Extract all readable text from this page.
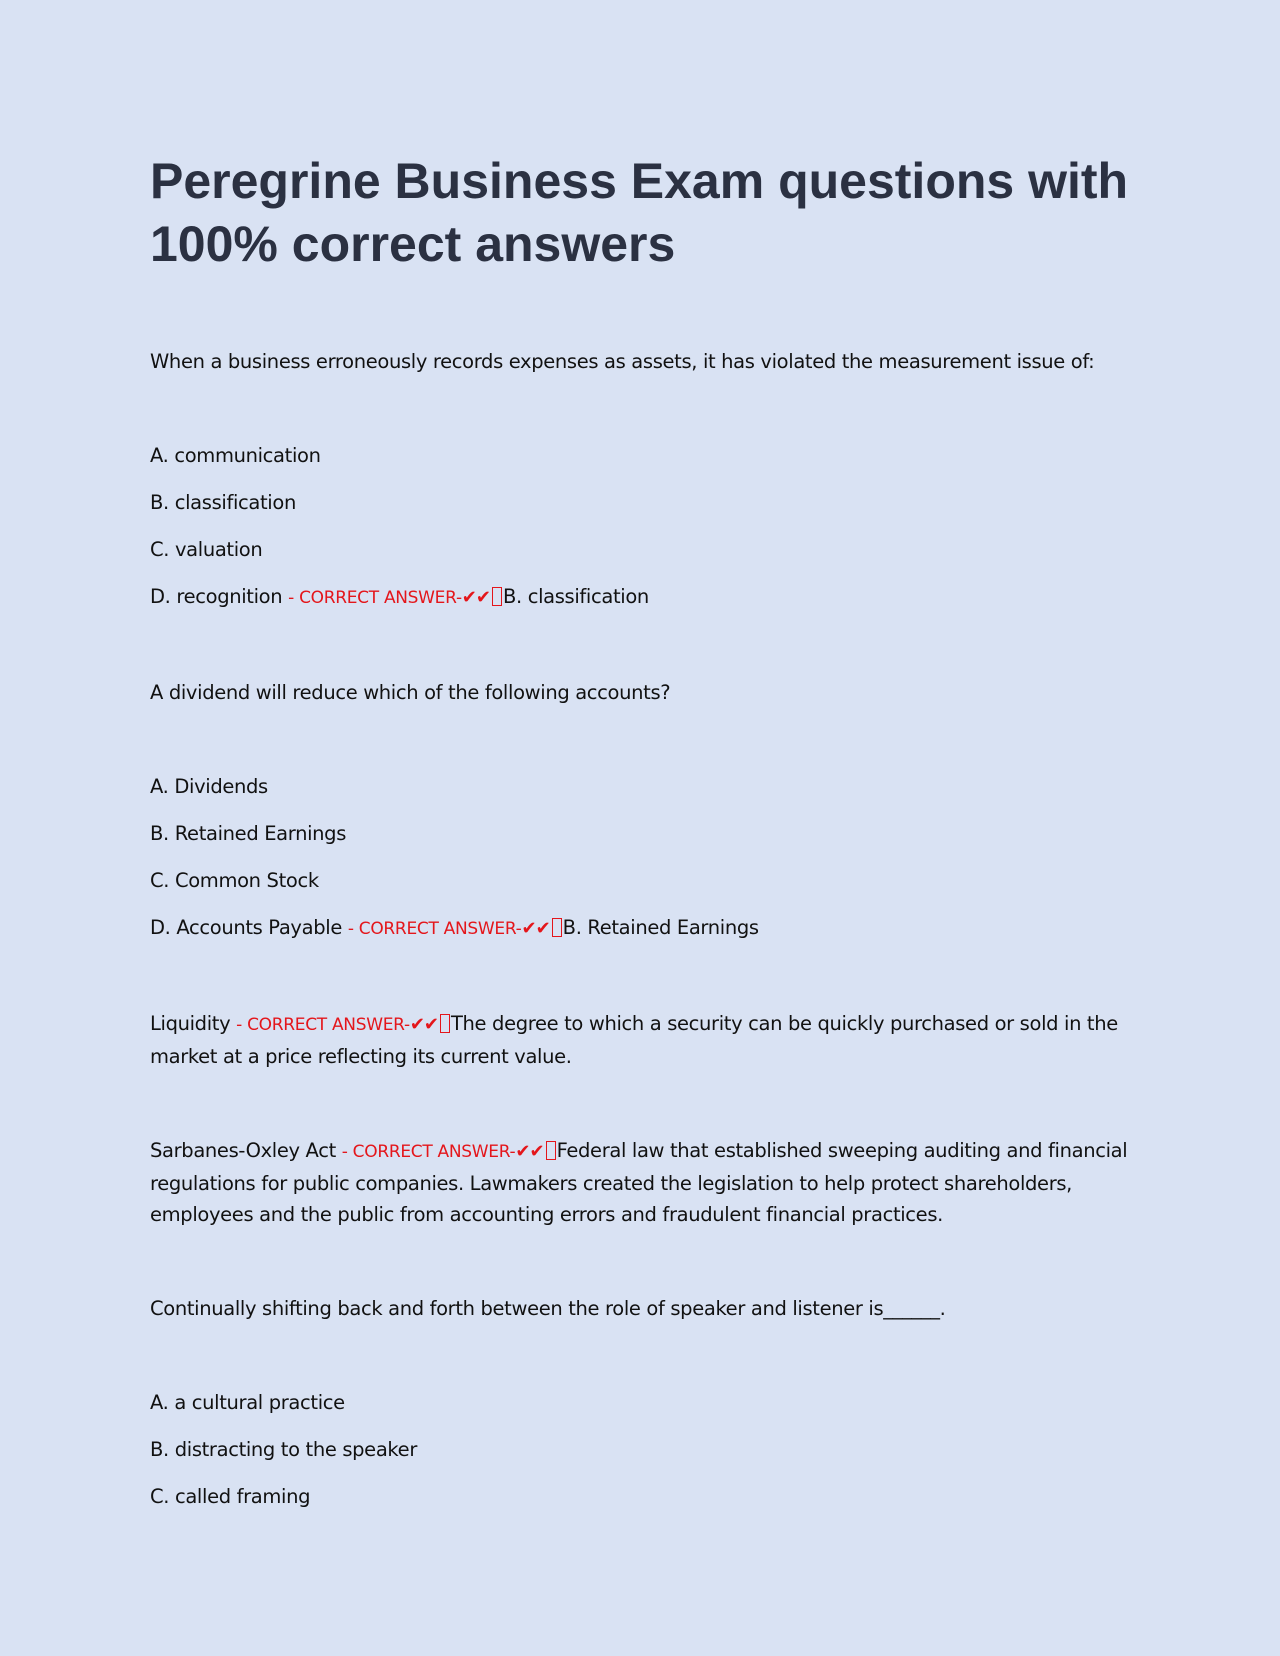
Peregrine Business Exam questions with 100% correct answers

When a business erroneously records expenses as assets, it has violated the measurement issue of:

A. communication

B. classification

C. valuation

D. recognition - CORRECT ANSWER-✔✔ B. classification

A dividend will reduce which of the following accounts?

A. Dividends

B. Retained Earnings

C. Common Stock

D. Accounts Payable - CORRECT ANSWER-✔✔ B. Retained Earnings

Liquidity - CORRECT ANSWER-✔✔ The degree to which a security can be quickly purchased or sold in the market at a price reflecting its current value.

Sarbanes-Oxley Act - CORRECT ANSWER-✔✔ Federal law that established sweeping auditing and financial regulations for public companies. Lawmakers created the legislation to help protect shareholders, employees and the public from accounting errors and fraudulent financial practices.

Continually shifting back and forth between the role of speaker and listener is______.

A. a cultural practice

B. distracting to the speaker

C. called framing
